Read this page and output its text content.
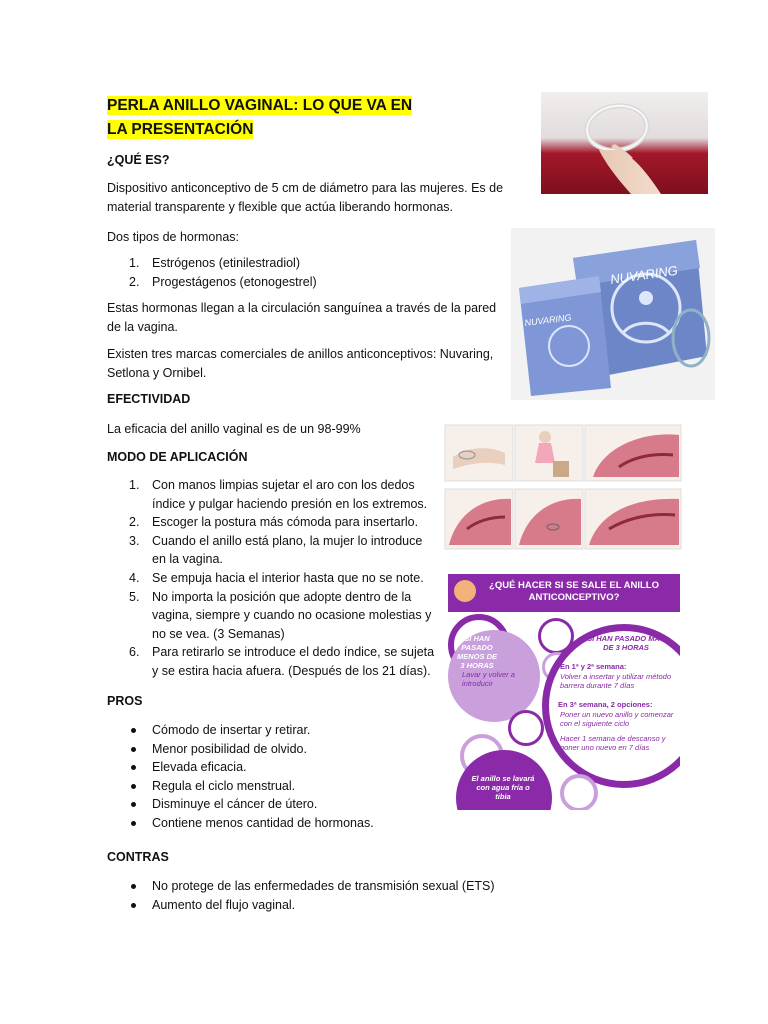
PERLA ANILLO VAGINAL: LO QUE VA EN LA PRESENTACIÓN

¿QUÉ ES?

Dispositivo anticonceptivo de 5 cm de diámetro para las mujeres. Es de material transparente y flexible que actúa liberando hormonas.

Dos tipos de hormonas:

1. Estrógenos (etinilestradiol)
2. Progestágenos (etonogestrel)

Estas hormonas llegan a la circulación sanguínea a través de la pared de la vagina.

Existen tres marcas comerciales de anillos anticonceptivos: Nuvaring, Setlona y Ornibel.

EFECTIVIDAD

La eficacia del anillo vaginal es de un 98-99%

MODO DE APLICACIÓN

1. Con manos limpias sujetar el aro con los dedos índice y pulgar haciendo presión en los extremos.
2. Escoger la postura más cómoda para insertarlo.
3. Cuando el anillo está plano, la mujer lo introduce en la vagina.
4. Se empuja hacia el interior hasta que no se note.
5. No importa la posición que adopte dentro de la vagina, siempre y cuando no ocasione molestias y no se vea. (3 Semanas)
6. Para retirarlo se introduce el dedo índice, se sujeta y se estira hacia afuera. (Después de los 21 días).

PROS

Cómodo de insertar y retirar.
Menor posibilidad de olvido.
Elevada eficacia.
Regula el ciclo menstrual.
Disminuye el cáncer de útero.
Contiene menos cantidad de hormonas.

CONTRAS

No protege de las enfermedades de transmisión sexual (ETS)
Aumento del flujo vaginal.
NUVARING
NUVARING
¿QUÉ HACER SI SE SALE EL ANILLO ANTICONCEPTIVO?
SI HAN PASADO MENOS DE 3 HORAS
Lavar y volver a introducir
SI HAN PASADO MÁS DE 3 HORAS
En 1ª y 2ª semana:
Volver a insertar y utilizar método barrera durante 7 días
En 3ª semana, 2 opciones:
Poner un nuevo anillo y comenzar con el siguiente ciclo
Hacer 1 semana de descanso y poner uno nuevo en 7 días
El anillo se lavará con agua fría o tibia
